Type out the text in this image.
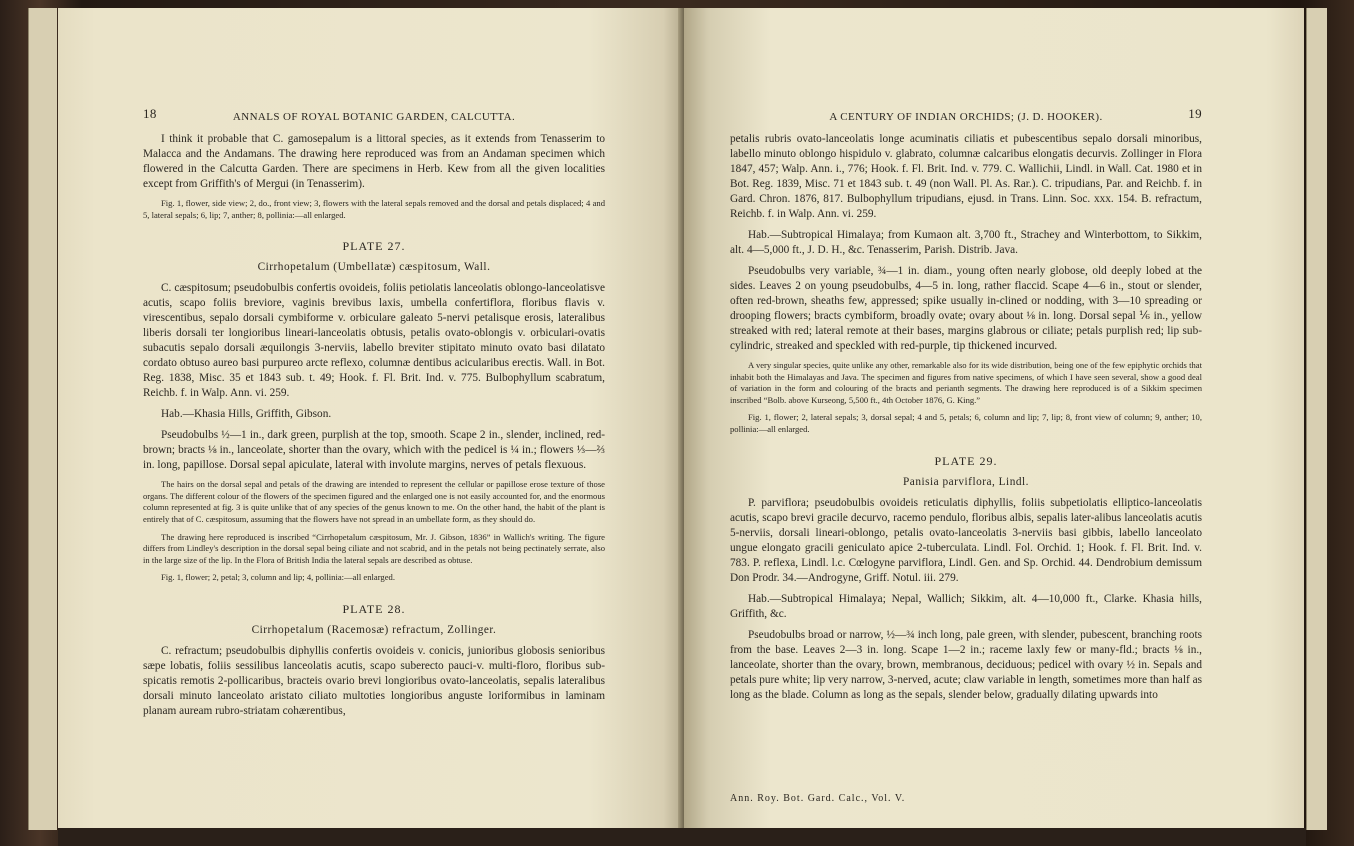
18	ANNALS OF ROYAL BOTANIC GARDEN, CALCUTTA.

I think it probable that C. gamosepalum is a littoral species, as it extends from Tenasserim to Malacca and the Andamans. The drawing here reproduced was from an Andaman specimen which flowered in the Calcutta Garden. There are specimens in Herb. Kew from all the given localities except from Griffith's of Mergui (in Tenasserim).

Fig. 1, flower, side view; 2, do., front view; 3, flowers with the lateral sepals removed and the dorsal and petals displaced; 4 and 5, lateral sepals; 6, lip; 7, anther; 8, pollinia:—all enlarged.

PLATE 27.
Cirrhopetalum (Umbellatæ) cæspitosum, Wall.

C. cæspitosum; pseudobulbis confertis ovoideis, foliis petiolatis lanceolatis oblongo-lanceolatisve acutis, scapo foliis breviore, vaginis brevibus laxis, umbella confertiflora, floribus flavis v. virescentibus, sepalo dorsali cymbiforme v. orbiculare galeato 5-nervi petalisque erosis, lateralibus liberis dorsali ter longioribus lineari-lanceolatis obtusis, petalis ovato-oblongis v. orbiculari-ovatis subacutis sepalo dorsali æquilongis 3-nerviis, labello breviter stipitato minuto ovato basi dilatato cordato obtuso aureo basi purpureo arcte reflexo, columnæ dentibus acicularibus erectis. Wall. in Bot. Reg. 1838, Misc. 35 et 1843 sub. t. 49; Hook. f. Fl. Brit. Ind. v. 775. Bulbophyllum scabratum, Reichb. f. in Walp. Ann. vi. 259.

Hab.—Khasia Hills, Griffith, Gibson.

Pseudobulbs ½—1 in., dark green, purplish at the top, smooth. Scape 2 in., slender, inclined, red-brown; bracts ⅛ in., lanceolate, shorter than the ovary, which with the pedicel is ¼ in.; flowers ⅓—⅔ in. long, papillose. Dorsal sepal apiculate, lateral with involute margins, nerves of petals flexuous.

The hairs on the dorsal sepal and petals of the drawing are intended to represent the cellular or papillose erose texture of those organs. The different colour of the flowers of the specimen figured and the enlarged one is not easily accounted for, and the enormous column represented at fig. 3 is quite unlike that of any species of the genus known to me. On the other hand, the habit of the plant is entirely that of C. cæspitosum, assuming that the flowers have not spread in an umbellate form, as they should do.

The drawing here reproduced is inscribed “Cirrhopetalum cæspitosum, Mr. J. Gibson, 1836” in Wallich's writing. The figure differs from Lindley's description in the dorsal sepal being ciliate and not scabrid, and in the petals not being pectinately serrate, also in the large size of the lip. In the Flora of British India the lateral sepals are described as obtuse.

Fig. 1, flower; 2, petal; 3, column and lip; 4, pollinia:—all enlarged.

PLATE 28.
Cirrhopetalum (Racemosæ) refractum, Zollinger.

C. refractum; pseudobulbis diphyllis confertis ovoideis v. conicis, junioribus globosis senioribus sæpe lobatis, foliis sessilibus lanceolatis acutis, scapo suberecto pauci-v. multi-floro, floribus sub-spicatis remotis 2-pollicaribus, bracteis ovario brevi longioribus ovato-lanceolatis, sepalis lateralibus dorsali minuto lanceolato aristato ciliato multoties longioribus anguste loriformibus in laminam planam auream rubro-striatam cohærentibus,

A CENTURY OF INDIAN ORCHIDS; (J. D. HOOKER).	19

petalis rubris ovato-lanceolatis longe acuminatis ciliatis et pubescentibus sepalo dorsali minoribus, labello minuto oblongo hispidulo v. glabrato, columnæ calcaribus elongatis decurvis. Zollinger in Flora 1847, 457; Walp. Ann. i., 776; Hook. f. Fl. Brit. Ind. v. 779. C. Wallichii, Lindl. in Wall. Cat. 1980 et in Bot. Reg. 1839, Misc. 71 et 1843 sub. t. 49 (non Wall. Pl. As. Rar.). C. tripudians, Par. and Reichb. f. in Gard. Chron. 1876, 817. Bulbophyllum tripudians, ejusd. in Trans. Linn. Soc. xxx. 154. B. refractum, Reichb. f. in Walp. Ann. vi. 259.

Hab.—Subtropical Himalaya; from Kumaon alt. 3,700 ft., Strachey and Winterbottom, to Sikkim, alt. 4—5,000 ft., J. D. H., &c. Tenasserim, Parish. Distrib. Java.

Pseudobulbs very variable, ¾—1 in. diam., young often nearly globose, old deeply lobed at the sides. Leaves 2 on young pseudobulbs, 4—5 in. long, rather flaccid. Scape 4—6 in., stout or slender, often red-brown, sheaths few, appressed; spike usually in-clined or nodding, with 3—10 spreading or drooping flowers; bracts cymbiform, broadly ovate; ovary about ⅛ in. long. Dorsal sepal ⅙ in., yellow streaked with red; lateral remote at their bases, margins glabrous or ciliate; petals purplish red; lip sub-cylindric, streaked and speckled with red-purple, tip thickened incurved.

A very singular species, quite unlike any other, remarkable also for its wide distribution, being one of the few epiphytic orchids that inhabit both the Himalayas and Java. The specimen and figures from native specimens, of which I have seen several, show a good deal of variation in the form and colouring of the bracts and perianth segments. The drawing here reproduced is of a Sikkim specimen inscribed “Bolb. above Kurseong, 5,500 ft., 4th October 1876, G. King.”

Fig. 1, flower; 2, lateral sepals; 3, dorsal sepal; 4 and 5, petals; 6, column and lip; 7, lip; 8, front view of column; 9, anther; 10, pollinia:—all enlarged.

PLATE 29.
Panisia parviflora, Lindl.

P. parviflora; pseudobulbis ovoideis reticulatis diphyllis, foliis subpetiolatis elliptico-lanceolatis acutis, scapo brevi gracile decurvo, racemo pendulo, floribus albis, sepalis later-alibus lanceolatis acutis 5-nerviis, dorsali lineari-oblongo, petalis ovato-lanceolatis 3-nerviis basi gibbis, labello lanceolato ungue elongato gracili geniculato apice 2-tuberculata. Lindl. Fol. Orchid. 1; Hook. f. Fl. Brit. Ind. v. 783. P. reflexa, Lindl. l.c. Cœlogyne parviflora, Lindl. Gen. and Sp. Orchid. 44. Dendrobium demissum Don Prodr. 34.—Androgyne, Griff. Notul. iii. 279.

Hab.—Subtropical Himalaya; Nepal, Wallich; Sikkim, alt. 4—10,000 ft., Clarke. Khasia hills, Griffith, &c.

Pseudobulbs broad or narrow, ½—¾ inch long, pale green, with slender, pubescent, branching roots from the base. Leaves 2—3 in. long. Scape 1—2 in.; raceme laxly few or many-fld.; bracts ⅛ in., lanceolate, shorter than the ovary, brown, membranous, deciduous; pedicel with ovary ½ in. Sepals and petals pure white; lip very narrow, 3-nerved, acute; claw variable in length, sometimes more than half as long as the blade. Column as long as the sepals, slender below, gradually dilating upwards into

Ann. Roy. Bot. Gard. Calc., Vol. V.
